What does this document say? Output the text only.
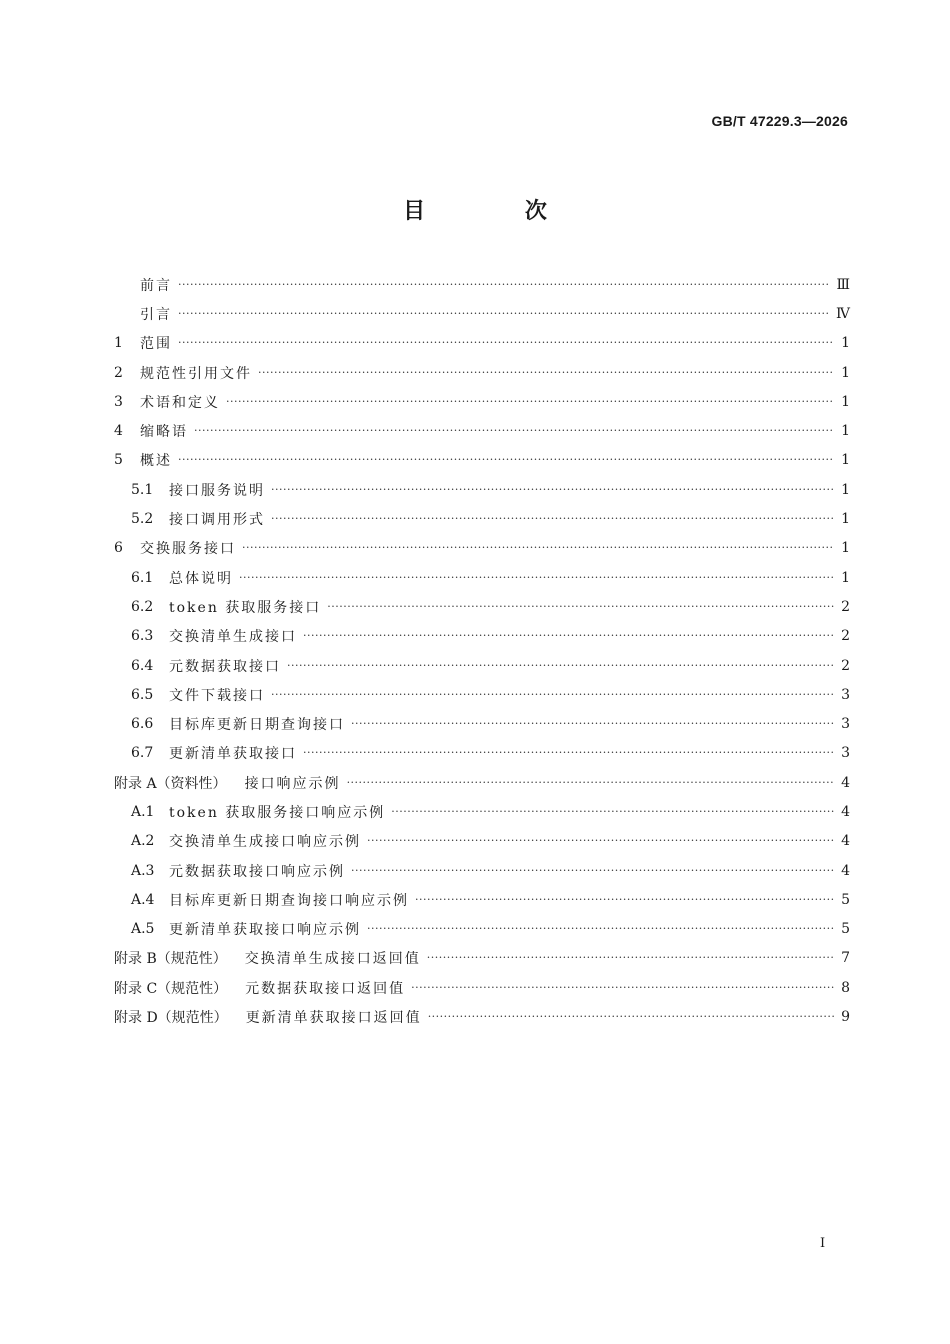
GB/T 47229.3—2026
目 次
前言 ·····	Ⅲ
引言 ·····	Ⅳ
1	范围 ·····	1
2	规范性引用文件 ·····	1
3	术语和定义 ·····	1
4	缩略语 ·····	1
5	概述 ·····	1
5.1	接口服务说明 ·····	1
5.2	接口调用形式 ·····	1
6	交换服务接口 ·····	1
6.1	总体说明 ·····	1
6.2	token 获取服务接口 ·····	2
6.3	交换清单生成接口 ·····	2
6.4	元数据获取接口 ·····	2
6.5	文件下载接口 ·····	3
6.6	目标库更新日期查询接口 ·····	3
6.7	更新清单获取接口 ·····	3
附录 A（资料性） 接口响应示例 ·····	4
A.1	token 获取服务接口响应示例 ·····	4
A.2	交换清单生成接口响应示例 ·····	4
A.3	元数据获取接口响应示例 ·····	4
A.4	目标库更新日期查询接口响应示例 ·····	5
A.5	更新清单获取接口响应示例 ·····	5
附录 B（规范性） 交换清单生成接口返回值 ·····	7
附录 C（规范性） 元数据获取接口返回值 ·····	8
附录 D（规范性） 更新清单获取接口返回值 ·····	9
Ⅰ
